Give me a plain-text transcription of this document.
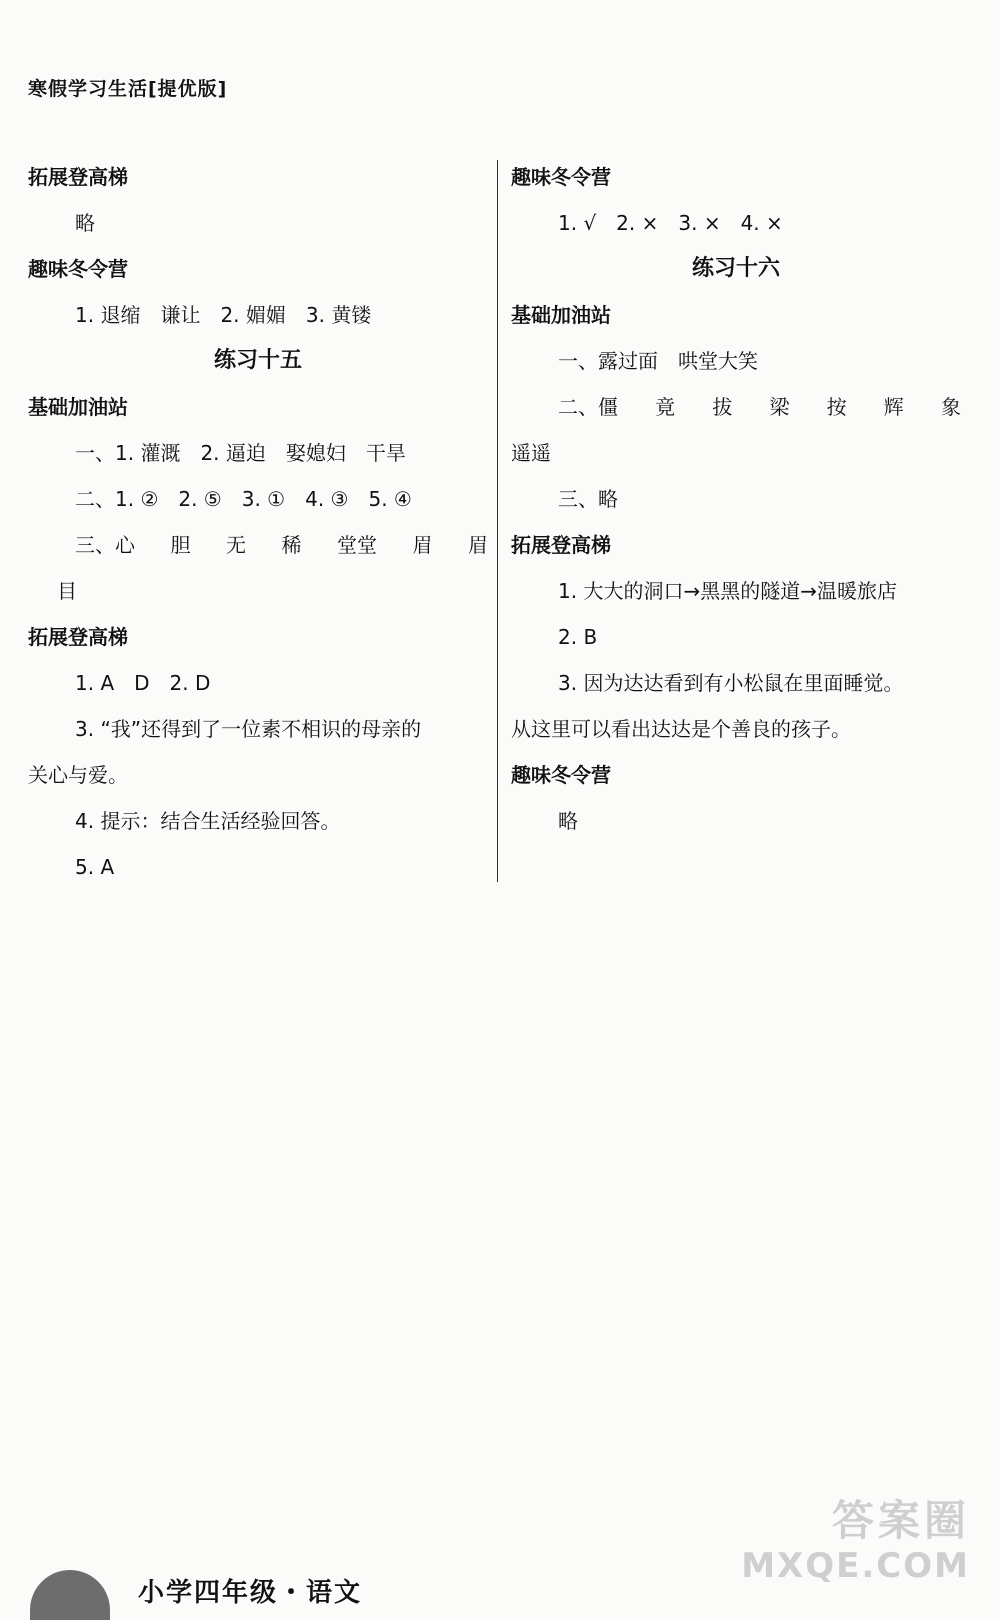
寒假学习生活[提优版]
拓展登高梯
略
趣味冬令营
1. 退缩　谦让　2. 媚媚　3. 黄镂
练习十五
基础加油站
一、1. 灌溉　2. 逼迫　娶媳妇　干旱
二、1. ②　2. ⑤　3. ①　4. ③　5. ④
三、心 胆 无 稀 堂堂 眉 眉
目
拓展登高梯
1. A　D　2. D
3. “我”还得到了一位素不相识的母亲的
关心与爱。
4. 提示：结合生活经验回答。
5. A
趣味冬令营
1. √　2. ×　3. ×　4. ×
练习十六
基础加油站
一、露过面　哄堂大笑
二、僵 竟 拔 梁 按 辉 象
遥遥
三、略
拓展登高梯
1. 大大的洞口→黑黑的隧道→温暖旅店
2. B
3. 因为达达看到有小松鼠在里面睡觉。
从这里可以看出达达是个善良的孩子。
趣味冬令营
略
小学四年级・语文
答案圈
MXQE.COM
